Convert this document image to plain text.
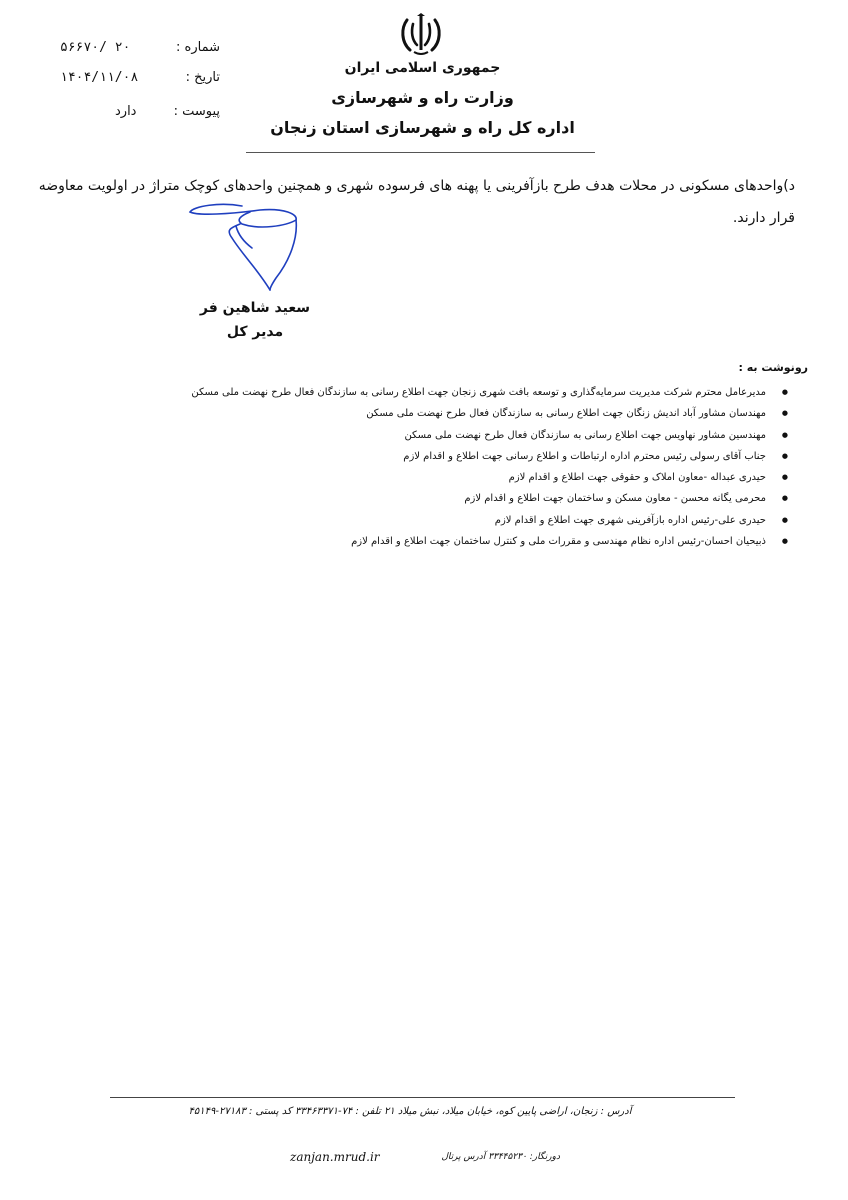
شماره :
۲۰ /۵۶۶۷۰
تاریخ :
۱۴۰۴/۱۱/۰۸
پیوست :
دارد
جمهوری اسلامی ایران
وزارت راه و شهرسازی
اداره کل راه و شهرسازی استان زنجان
د)واحدهای مسکونی در محلات هدف طرح بازآفرینی یا پهنه های فرسوده شهری و همچنین واحدهای کوچک متراژ در اولویت معاوضه قرار دارند.
سعید شاهین فر
مدیر کل
رونوشت به :
● مدیرعامل محترم شرکت مدیریت سرمایه‌گذاری و توسعه بافت شهری زنجان جهت اطلاع رسانی به سازندگان فعال طرح نهضت ملی مسکن
● مهندسان مشاور آباد اندیش زنگان جهت اطلاع رسانی به سازندگان فعال طرح نهضت ملی مسکن
● مهندسین مشاور نهاویس جهت اطلاع رسانی به سازندگان فعال طرح نهضت ملی مسکن
● جناب آقای رسولی رئیس محترم اداره ارتباطات و اطلاع رسانی جهت اطلاع و اقدام لازم
● حیدری عبداله -معاون املاک و حقوقی جهت اطلاع و اقدام لازم
● محرمی یگانه محسن - معاون مسکن و ساختمان جهت اطلاع و اقدام لازم
● حیدری علی-رئیس اداره بازآفرینی شهری جهت اطلاع و اقدام لازم
● ذبیحیان احسان-رئیس اداره نظام مهندسی و مقررات ملی و کنترل ساختمان جهت اطلاع و اقدام لازم
آدرس : زنجان، اراضی پایین کوه، خیابان میلاد، نبش میلاد ۲۱ تلفن : ۷۴-۳۳۴۶۳۳۷۱ کد پستی : ۲۷۱۸۳-۴۵۱۴۹
zanjan.mrud.ir	دورنگار: ۳۳۴۴۵۲۳۰ آدرس پرتال
